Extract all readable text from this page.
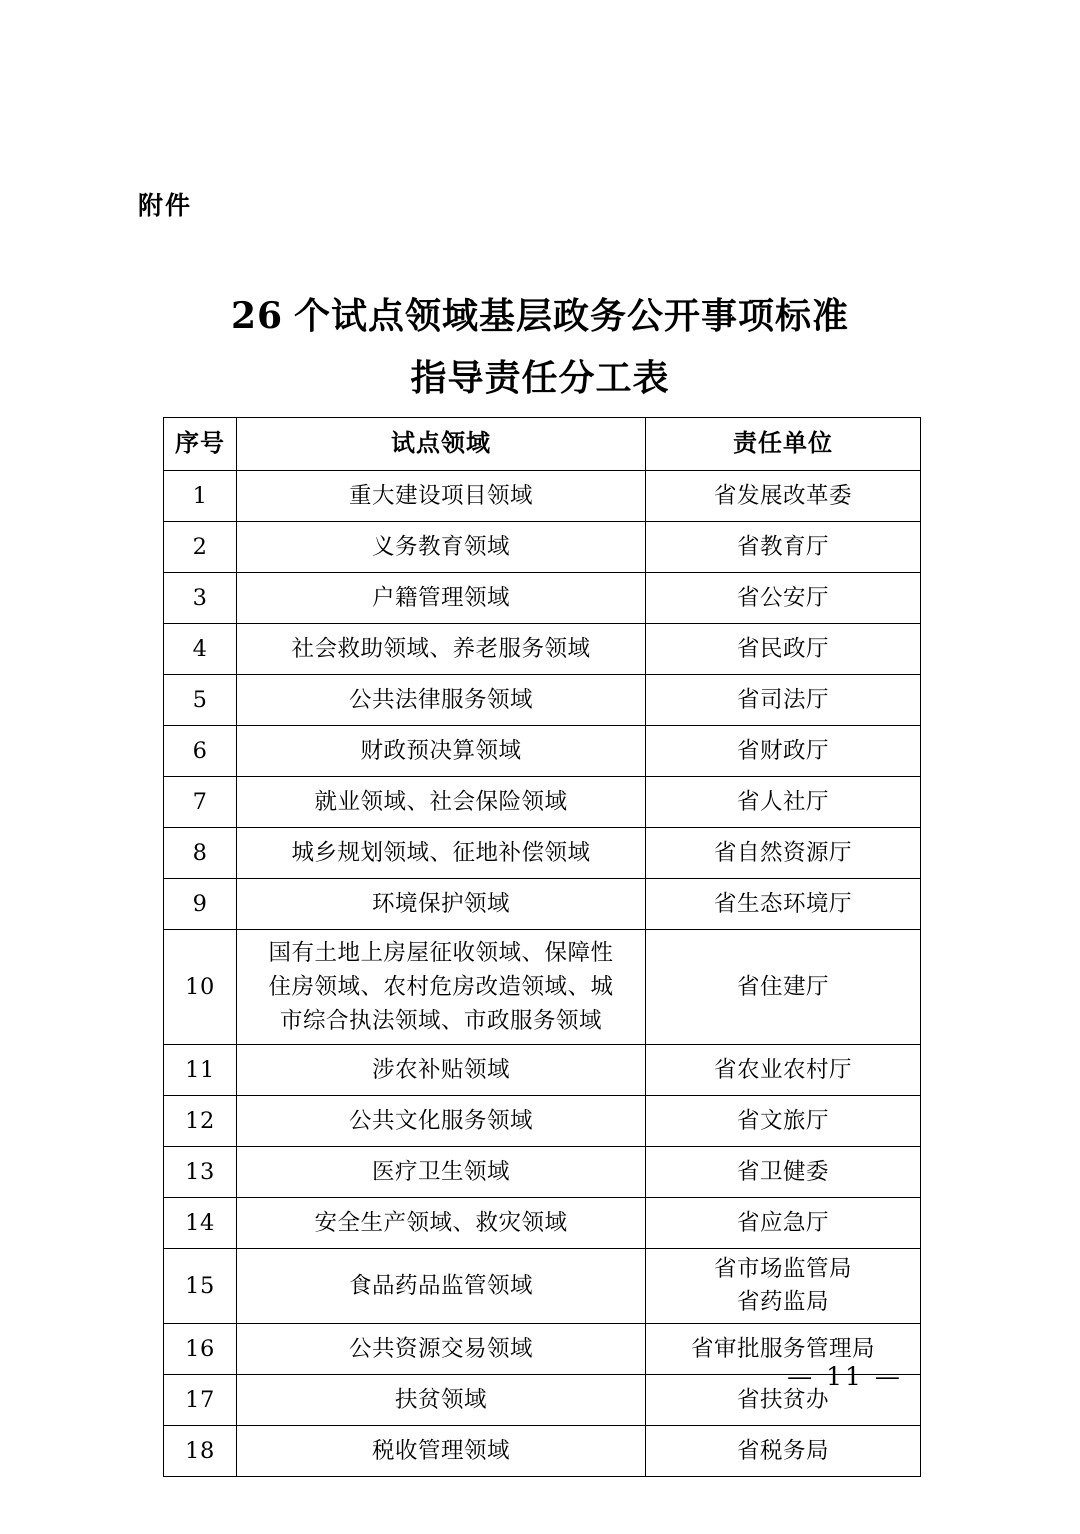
附件
26 个试点领域基层政务公开事项标准
指导责任分工表
序号	试点领域	责任单位
1	重大建设项目领域	省发展改革委
2	义务教育领域	省教育厅
3	户籍管理领域	省公安厅
4	社会救助领域、养老服务领域	省民政厅
5	公共法律服务领域	省司法厅
6	财政预决算领域	省财政厅
7	就业领域、社会保险领域	省人社厅
8	城乡规划领域、征地补偿领域	省自然资源厅
9	环境保护领域	省生态环境厅
10	国有土地上房屋征收领域、保障性
住房领域、农村危房改造领域、城
市综合执法领域、市政服务领域	省住建厅
11	涉农补贴领域	省农业农村厅
12	公共文化服务领域	省文旅厅
13	医疗卫生领域	省卫健委
14	安全生产领域、救灾领域	省应急厅
15	食品药品监管领域	省市场监管局
省药监局

16	公共资源交易领域	省审批服务管理局
17	扶贫领域	省扶贫办
18	税收管理领域	省税务局
— 11 —
